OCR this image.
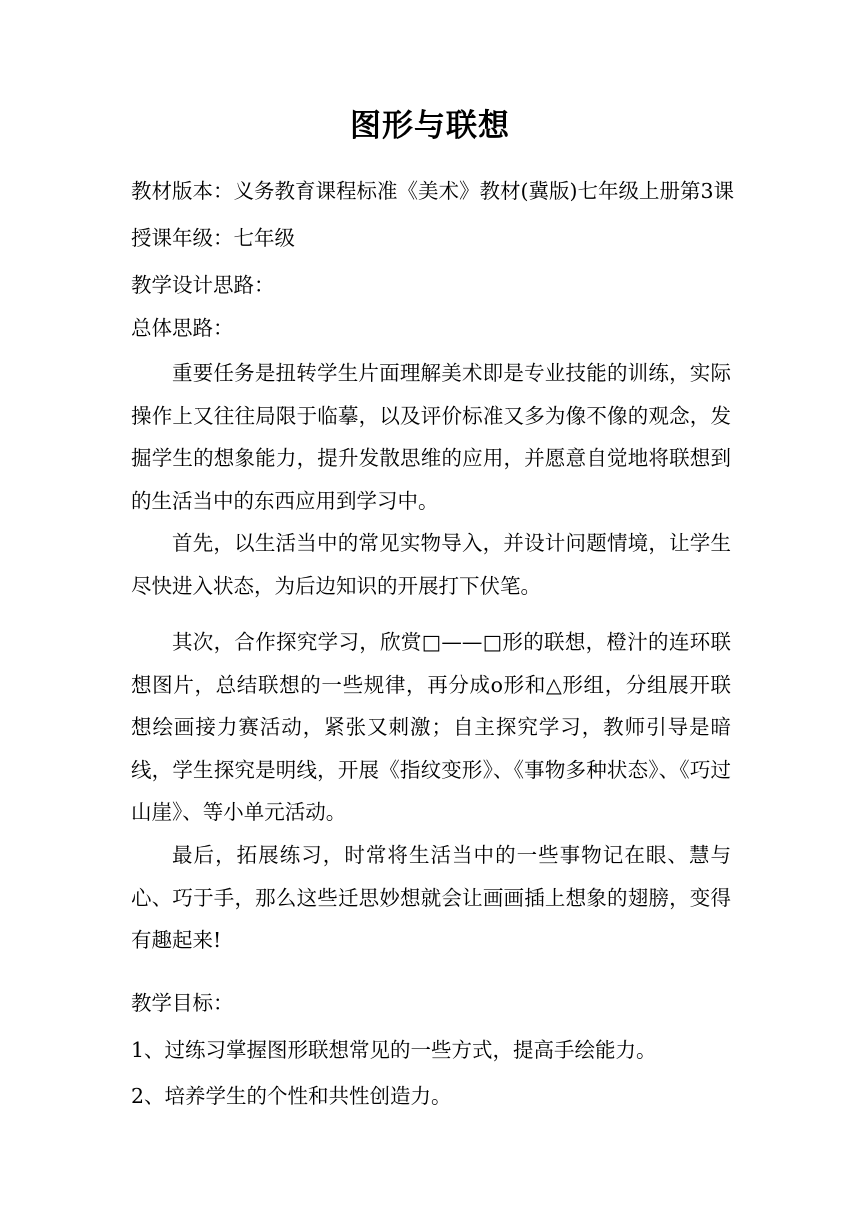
图形与联想
教材版本：义务教育课程标准《美术》教材(冀版)七年级上册第3课
授课年级：七年级
教学设计思路：
总体思路：
重要任务是扭转学生片面理解美术即是专业技能的训练，实际操作上又往往局限于临摹，以及评价标准又多为像不像的观念，发掘学生的想象能力，提升发散思维的应用，并愿意自觉地将联想到的生活当中的东西应用到学习中。
首先，以生活当中的常见实物导入，并设计问题情境，让学生尽快进入状态，为后边知识的开展打下伏笔。
其次，合作探究学习，欣赏□——□形的联想，橙汁的连环联想图片，总结联想的一些规律，再分成o形和△形组，分组展开联想绘画接力赛活动，紧张又刺激；自主探究学习，教师引导是暗线，学生探究是明线，开展《指纹变形》、《事物多种状态》、《巧过山崖》、等小单元活动。
最后，拓展练习，时常将生活当中的一些事物记在眼、慧与心、巧于手，那么这些迁思妙想就会让画画插上想象的翅膀，变得有趣起来!
教学目标：
1、过练习掌握图形联想常见的一些方式，提高手绘能力。
2、培养学生的个性和共性创造力。
